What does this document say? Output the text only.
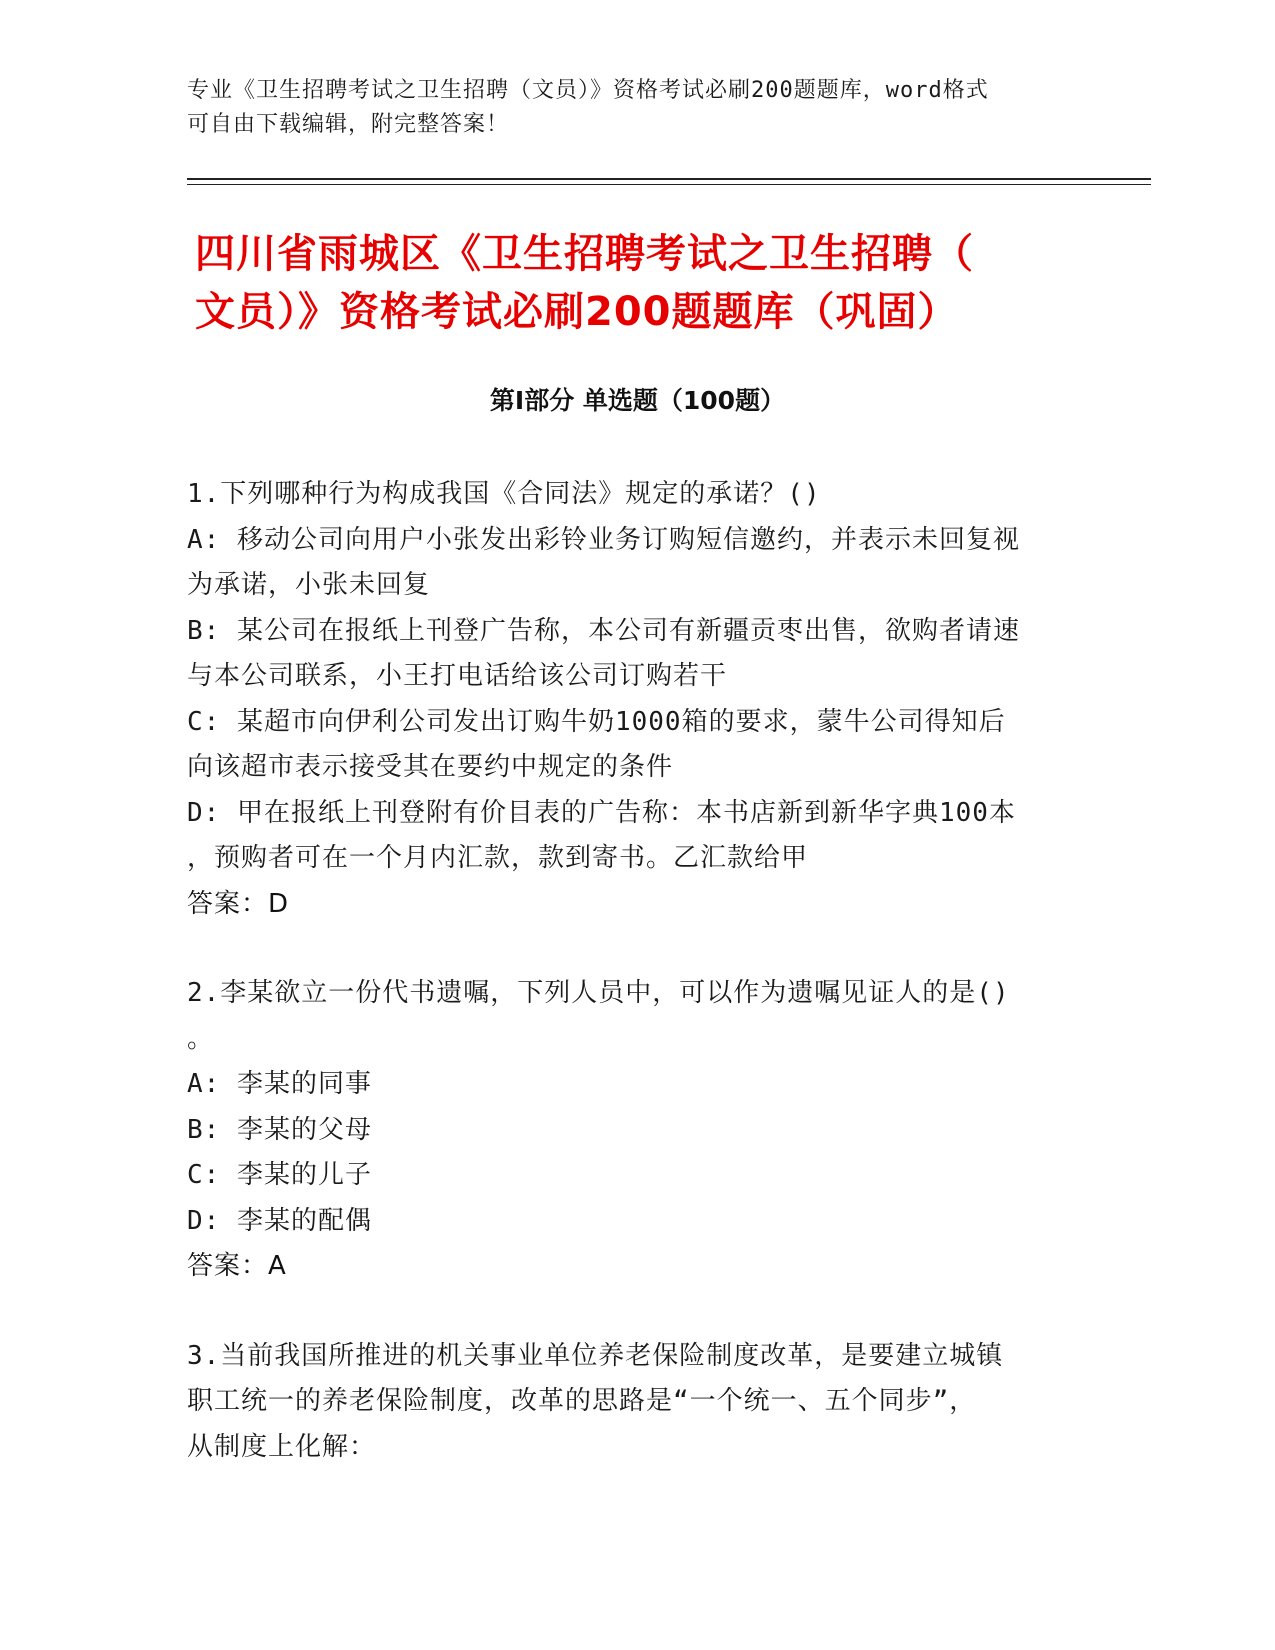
专业《卫生招聘考试之卫生招聘（文员）》资格考试必刷200题题库，word格式
可自由下载编辑，附完整答案！
四川省雨城区《卫生招聘考试之卫生招聘（
文员）》资格考试必刷200题题库（巩固）
第Ⅰ部分 单选题（100题）

1.下列哪种行为构成我国《合同法》规定的承诺？()

A: 移动公司向用户小张发出彩铃业务订购短信邀约，并表示未回复视

为承诺，小张未回复

B: 某公司在报纸上刊登广告称，本公司有新疆贡枣出售，欲购者请速

与本公司联系，小王打电话给该公司订购若干

C: 某超市向伊利公司发出订购牛奶1000箱的要求，蒙牛公司得知后

向该超市表示接受其在要约中规定的条件

D: 甲在报纸上刊登附有价目表的广告称：本书店新到新华字典100本

，预购者可在一个月内汇款，款到寄书。乙汇款给甲

答案：D

2.李某欲立一份代书遗嘱，下列人员中，可以作为遗嘱见证人的是()

。

A: 李某的同事

B: 李某的父母

C: 李某的儿子

D: 李某的配偶

答案：A

3.当前我国所推进的机关事业单位养老保险制度改革，是要建立城镇

职工统一的养老保险制度，改革的思路是“一个统一、五个同步”，

从制度上化解：
